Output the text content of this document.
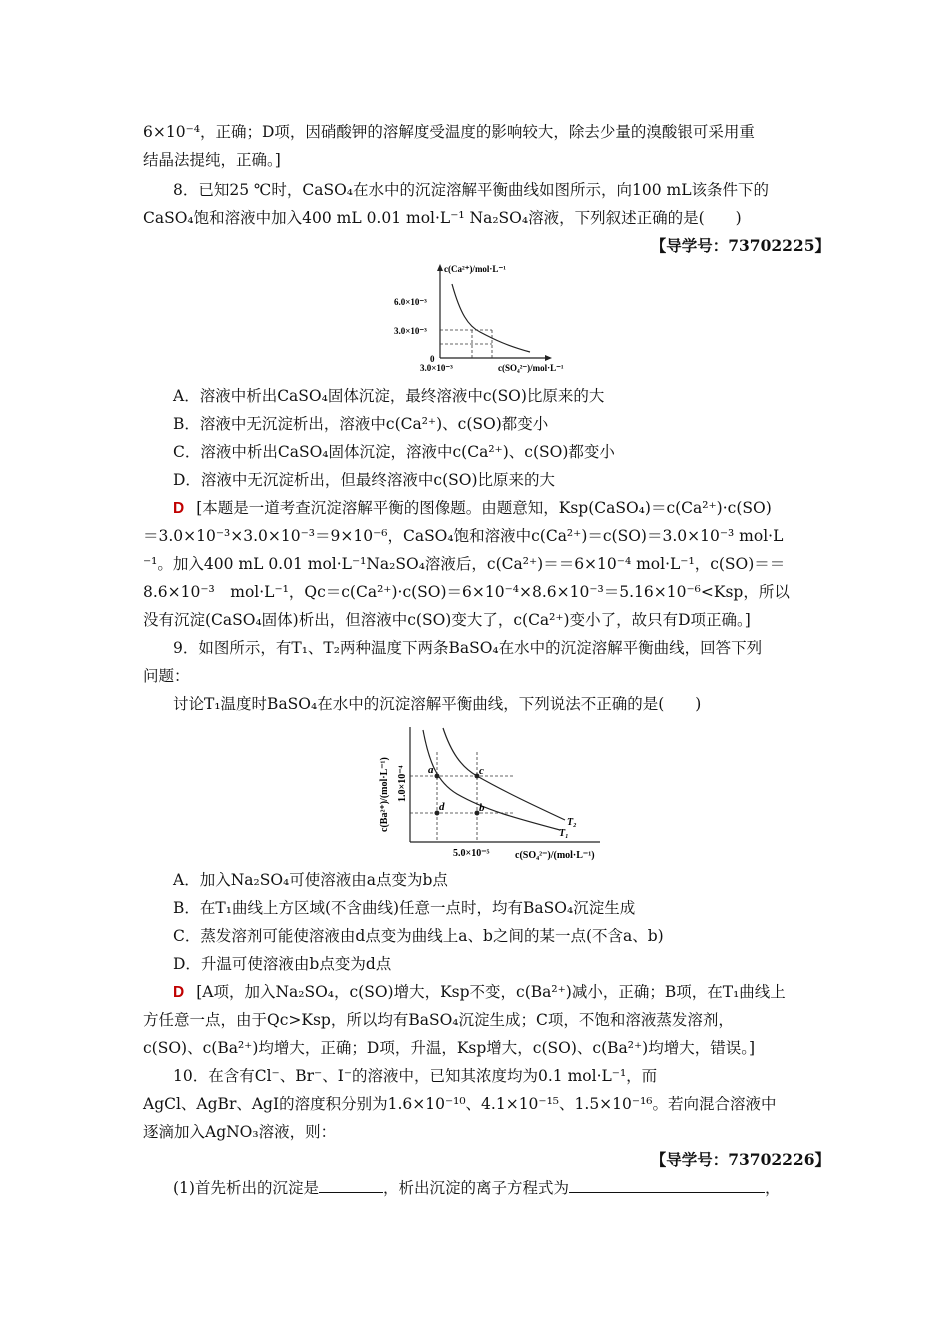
6×10⁻⁴，正确；D项，因硝酸钾的溶解度受温度的影响较大，除去少量的溴酸银可采用重
结晶法提纯，正确。]
8．已知25 ℃时，CaSO₄在水中的沉淀溶解平衡曲线如图所示，向100 mL该条件下的
CaSO₄饱和溶液中加入400 mL 0.01 mol·L⁻¹ Na₂SO₄溶液，下列叙述正确的是(　　)
【导学号：73702225】
c(Ca²⁺)/mol·L⁻¹
6.0×10⁻³
3.0×10⁻³
0
3.0×10⁻³	c(SO₄²⁻)/mol·L⁻¹
A．溶液中析出CaSO₄固体沉淀，最终溶液中c(SO)比原来的大
B．溶液中无沉淀析出，溶液中c(Ca²⁺)、c(SO)都变小
C．溶液中析出CaSO₄固体沉淀，溶液中c(Ca²⁺)、c(SO)都变小
D．溶液中无沉淀析出，但最终溶液中c(SO)比原来的大
D [本题是一道考查沉淀溶解平衡的图像题。由题意知，Ksp(CaSO₄)＝c(Ca²⁺)·c(SO)
＝3.0×10⁻³×3.0×10⁻³＝9×10⁻⁶，CaSO₄饱和溶液中c(Ca²⁺)＝c(SO)＝3.0×10⁻³ mol·L
⁻¹。加入400 mL 0.01 mol·L⁻¹Na₂SO₄溶液后，c(Ca²⁺)＝＝6×10⁻⁴ mol·L⁻¹，c(SO)＝＝
8.6×10⁻³　mol·L⁻¹，Qc＝c(Ca²⁺)·c(SO)＝6×10⁻⁴×8.6×10⁻³＝5.16×10⁻⁶<Ksp，所以
没有沉淀(CaSO₄固体)析出，但溶液中c(SO)变大了，c(Ca²⁺)变小了，故只有D项正确。]
9．如图所示，有T₁、T₂两种温度下两条BaSO₄在水中的沉淀溶解平衡曲线，回答下列
问题：
讨论T₁温度时BaSO₄在水中的沉淀溶解平衡曲线，下列说法不正确的是(　　)
a
b
c
d
T₂
T₁
1.0×10⁻⁴
c(Ba²⁺)/(mol·L⁻¹)
5.0×10⁻⁵	c(SO₄²⁻)/(mol·L⁻¹)
A．加入Na₂SO₄可使溶液由a点变为b点
B．在T₁曲线上方区域(不含曲线)任意一点时，均有BaSO₄沉淀生成
C．蒸发溶剂可能使溶液由d点变为曲线上a、b之间的某一点(不含a、b)
D．升温可使溶液由b点变为d点
D [A项，加入Na₂SO₄，c(SO)增大，Ksp不变，c(Ba²⁺)减小，正确；B项，在T₁曲线上
方任意一点，由于Qc>Ksp，所以均有BaSO₄沉淀生成；C项，不饱和溶液蒸发溶剂，
c(SO)、c(Ba²⁺)均增大，正确；D项，升温，Ksp增大，c(SO)、c(Ba²⁺)均增大，错误。]
10．在含有Cl⁻、Br⁻、I⁻的溶液中，已知其浓度均为0.1 mol·L⁻¹，而
AgCl、AgBr、AgI的溶度积分别为1.6×10⁻¹⁰、4.1×10⁻¹⁵、1.5×10⁻¹⁶。若向混合溶液中
逐滴加入AgNO₃溶液，则：
【导学号：73702226】
(1)首先析出的沉淀是	，析出沉淀的离子方程式为	，
